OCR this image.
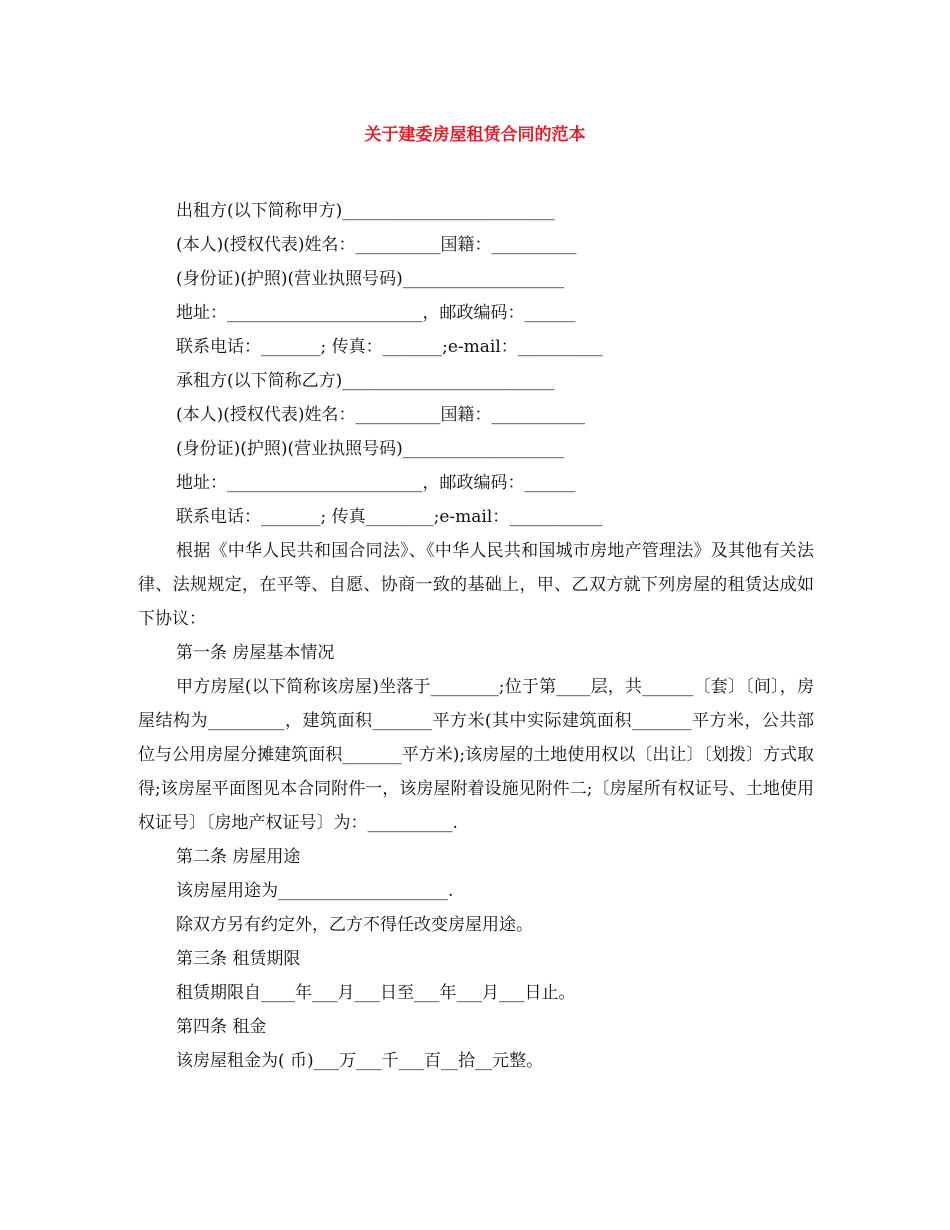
关于建委房屋租赁合同的范本

出租方(以下简称甲方)_________________________

(本人)(授权代表)姓名：__________国籍：__________

(身份证)(护照)(营业执照号码)___________________

地址：_______________________，邮政编码：______

联系电话：_______; 传真：_______;e-mail：__________

承租方(以下简称乙方)_________________________

(本人)(授权代表)姓名：__________国籍：___________

(身份证)(护照)(营业执照号码)___________________

地址：_______________________，邮政编码：______

联系电话：_______; 传真________;e-mail：___________

根据《中华人民共和国合同法》、《中华人民共和国城市房地产管理法》及其他有关法律、法规规定，在平等、自愿、协商一致的基础上，甲、乙双方就下列房屋的租赁达成如下协议：

第一条 房屋基本情况

甲方房屋(以下简称该房屋)坐落于________;位于第____层，共______〔套〕〔间〕，房屋结构为_________，建筑面积_______平方米(其中实际建筑面积_______平方米，公共部位与公用房屋分摊建筑面积_______平方米);该房屋的土地使用权以〔出让〕〔划拨〕方式取得;该房屋平面图见本合同附件一，该房屋附着设施见附件二;〔房屋所有权证号、土地使用权证号〕〔房地产权证号〕为：__________.

第二条 房屋用途

该房屋用途为____________________.

除双方另有约定外，乙方不得任改变房屋用途。

第三条 租赁期限

租赁期限自____年___月___日至___年___月___日止。

第四条 租金

该房屋租金为( 币)___万___千___百__拾__元整。
